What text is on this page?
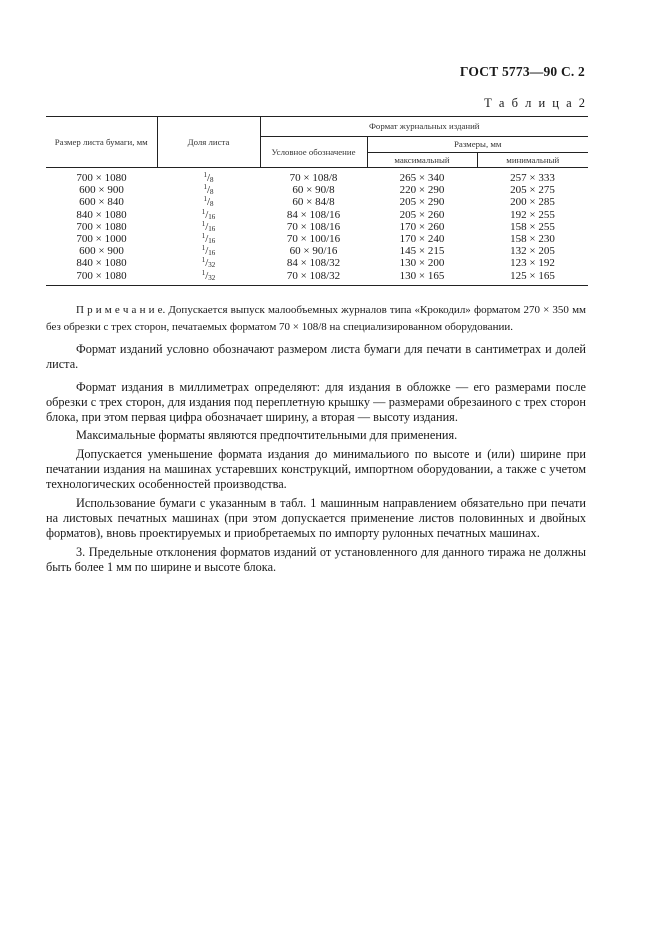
ГОСТ 5773—90 С. 2
Т а б л и ц а 2
Размер листа бумаги, мм	Доля листа	Формат журнальных изданий		
		Условное обозначение	Размеры, мм	
			максимальный	минимальный
700 × 1080	$^1$/8	70 × 108/8	265 × 340	257 × 333
600 × 900	$^1$/8	60 × 90/8	220 × 290	205 × 275
600 × 840	$^1$/8	60 × 84/8	205 × 290	200 × 285
840 × 1080	$^1$/16	84 × 108/16	205 × 260	192 × 255
700 × 1080	$^1$/16	70 × 108/16	170 × 260	158 × 255
700 × 1000	$^1$/16	70 × 100/16	170 × 240	158 × 230
600 × 900	$^1$/16	60 × 90/16	145 × 215	132 × 205
840 × 1080	$^1$/32	84 × 108/32	130 × 200	123 × 192
700 × 1080	$^1$/32	70 × 108/32	130 × 165	125 × 165
П р и м е ч а н и е. Допускается выпуск малообъемных журналов типа «Крокодил» форматом 270 × 350 мм без обрезки с трех сторон, печатаемых форматом 70 × 108/8 на специализированном оборудовании.

Формат изданий условно обозначают размером листа бумаги для печати в сантиметрах и долей листа.

Формат издания в миллиметрах определяют: для издания в обложке — его размерами после обрезки с трех сторон, для издания под переплетную крышку — размерами обрезаиного с трех сторон блока, при этом первая цифра обозначает ширину, а вторая — высоту издания.

Максимальные форматы являются предпочтительными для применения.

Допускается уменьшение формата издания до минимальиого по высоте и (или) ширине при печатании издания на машинах устаревших конструкций, импортном оборудовании, а также с учетом технологических особенностей производства.

Использование бумаги с указанным в табл. 1 машинным направлением обязательно при печати на листовых печатных машинах (при этом допускается применение листов половинных и двойных форматов), вновь проектируемых и приобретаемых по импорту рулонных печатных машинах.

3. Предельные отклонения форматов изданий от установленного для данного тиража не должны быть более 1 мм по ширине и высоте блока.
